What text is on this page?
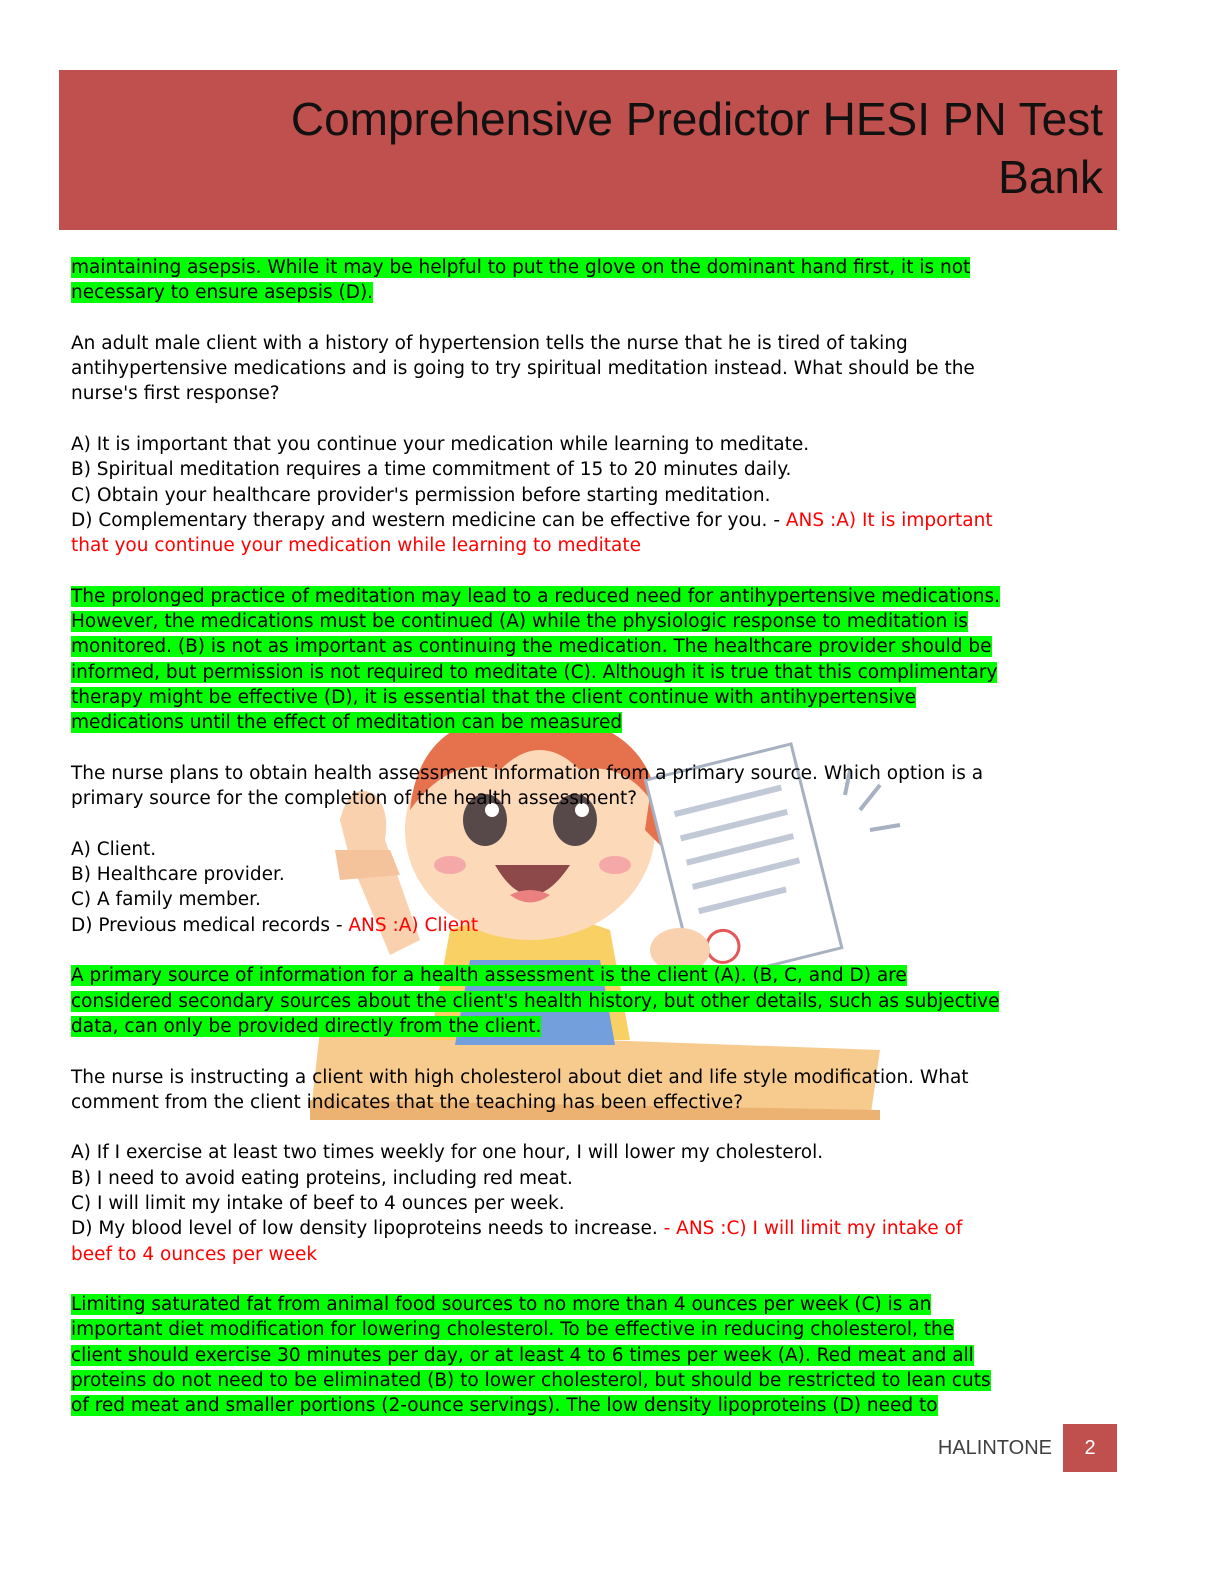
Comprehensive Predictor HESI PN Test
Bank
maintaining asepsis. While it may be helpful to put the glove on the dominant hand first, it is not
necessary to ensure asepsis (D).
An adult male client with a history of hypertension tells the nurse that he is tired of taking
antihypertensive medications and is going to try spiritual meditation instead. What should be the
nurse's first response?
A) It is important that you continue your medication while learning to meditate.
B) Spiritual meditation requires a time commitment of 15 to 20 minutes daily.
C) Obtain your healthcare provider's permission before starting meditation.
D) Complementary therapy and western medicine can be effective for you. - ANS :A) It is important
that you continue your medication while learning to meditate
The prolonged practice of meditation may lead to a reduced need for antihypertensive medications.
However, the medications must be continued (A) while the physiologic response to meditation is
monitored. (B) is not as important as continuing the medication. The healthcare provider should be
informed, but permission is not required to meditate (C). Although it is true that this complimentary
therapy might be effective (D), it is essential that the client continue with antihypertensive
medications until the effect of meditation can be measured
The nurse plans to obtain health assessment information from a primary source. Which option is a
primary source for the completion of the health assessment?
A) Client.
B) Healthcare provider.
C) A family member.
D) Previous medical records - ANS :A) Client
A primary source of information for a health assessment is the client (A). (B, C, and D) are
considered secondary sources about the client's health history, but other details, such as subjective
data, can only be provided directly from the client.
The nurse is instructing a client with high cholesterol about diet and life style modification. What
comment from the client indicates that the teaching has been effective?
A) If I exercise at least two times weekly for one hour, I will lower my cholesterol.
B) I need to avoid eating proteins, including red meat.
C) I will limit my intake of beef to 4 ounces per week.
D) My blood level of low density lipoproteins needs to increase. - ANS :C) I will limit my intake of
beef to 4 ounces per week
Limiting saturated fat from animal food sources to no more than 4 ounces per week (C) is an
important diet modification for lowering cholesterol. To be effective in reducing cholesterol, the
client should exercise 30 minutes per day, or at least 4 to 6 times per week (A). Red meat and all
proteins do not need to be eliminated (B) to lower cholesterol, but should be restricted to lean cuts
of red meat and smaller portions (2-ounce servings). The low density lipoproteins (D) need to
HALINTONE	2
